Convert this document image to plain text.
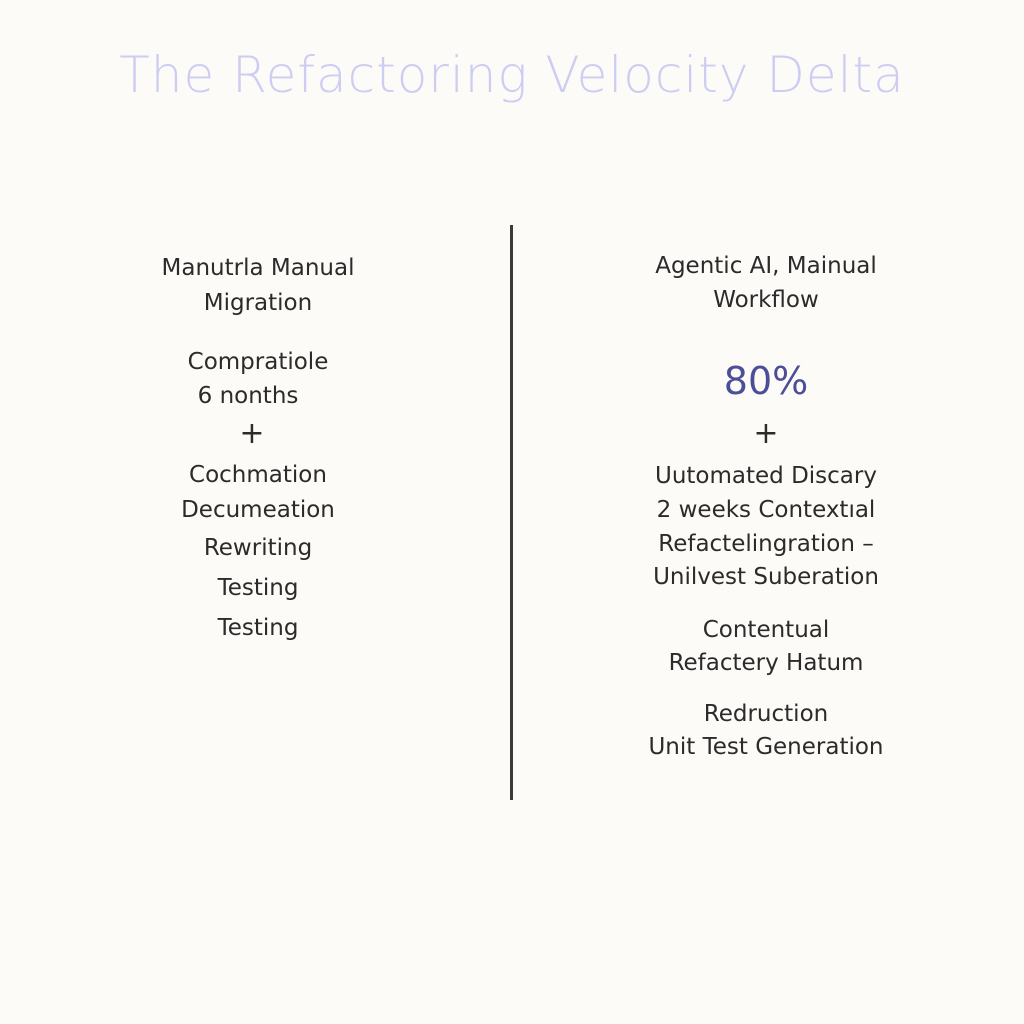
The Refactoring Velocity Delta
Manutrla Manual
Migration
Compratiole
6 nonths
+
Cochmation
Decumeation
Rewriting
Testing
Testing
Agentic AI, Mainual
Workflow
80%
+
Uutomated Discary
2 weeks Contextıal
Refactelingration –
Unilvest Suberation
Contentual
Refactery Hatum
Redruction
Unit Test Generation
